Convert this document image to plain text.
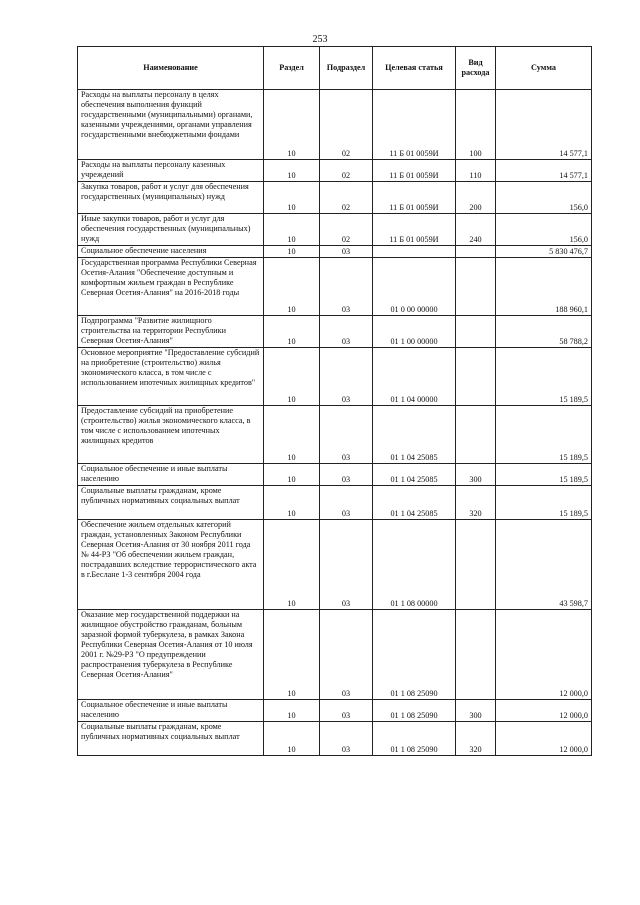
253
Наименование	Раздел	Подраздел	Целевая статья	Вид расхода	Сумма
Расходы на выплаты персоналу в целях обеспечения выполнения функций государственными (муниципальными) органами, казенными учреждениями, органами управления государственными внебюджетными фондами	10	02	11 Б 01 0059И	100	14 577,1
Расходы на выплаты персоналу казенных учреждений	10	02	11 Б 01 0059И	110	14 577,1
Закупка товаров, работ и услуг для обеспечения государственных (муниципальных) нужд	10	02	11 Б 01 0059И	200	156,0
Иные закупки товаров, работ и услуг для обеспечения государственных (муниципальных) нужд	10	02	11 Б 01 0059И	240	156,0
Социальное обеспечение населения	10	03			5 830 476,7
Государственная программа Республики Северная Осетия-Алания "Обеспечение доступным и комфортным жильем граждан в Республике Северная Осетия-Алания" на 2016-2018 годы	10	03	01 0 00 00000		188 960,1
Подпрограмма "Развитие жилищного строительства на территории Республики Северная Осетия-Алания"	10	03	01 1 00 00000		58 788,2
Основное мероприятие "Предоставление субсидий на приобретение (строительство) жилья экономического класса, в том числе с использованием ипотечных жилищных кредитов"	10	03	01 1 04 00000		15 189,5
Предоставление субсидий на приобретение (строительство) жилья экономического класса, в том числе с использованием ипотечных жилищных кредитов	10	03	01 1 04 25085		15 189,5
Социальное обеспечение и иные выплаты населению	10	03	01 1 04 25085	300	15 189,5
Социальные выплаты гражданам, кроме публичных нормативных социальных выплат	10	03	01 1 04 25085	320	15 189,5
Обеспечение жильем отдельных категорий граждан, установленных Законом Республики Северная Осетия-Алания от 30 ноября 2011 года № 44-РЗ "Об обеспечении жильем граждан, пострадавших вследствие террористического акта в г.Беслане 1-3 сентября 2004 года	10	03	01 1 08 00000		43 598,7
Оказание мер государственной поддержки на жилищное обустройство гражданам, больным заразной формой туберкулеза, в рамках Закона Республики Северная Осетия-Алания от 10 июля 2001 г. №29-РЗ "О предупреждении распространения туберкулеза в Республике Северная Осетия-Алания"	10	03	01 1 08 25090		12 000,0
Социальное обеспечение и иные выплаты населению	10	03	01 1 08 25090	300	12 000,0
Социальные выплаты гражданам, кроме публичных нормативных социальных выплат	10	03	01 1 08 25090	320	12 000,0
